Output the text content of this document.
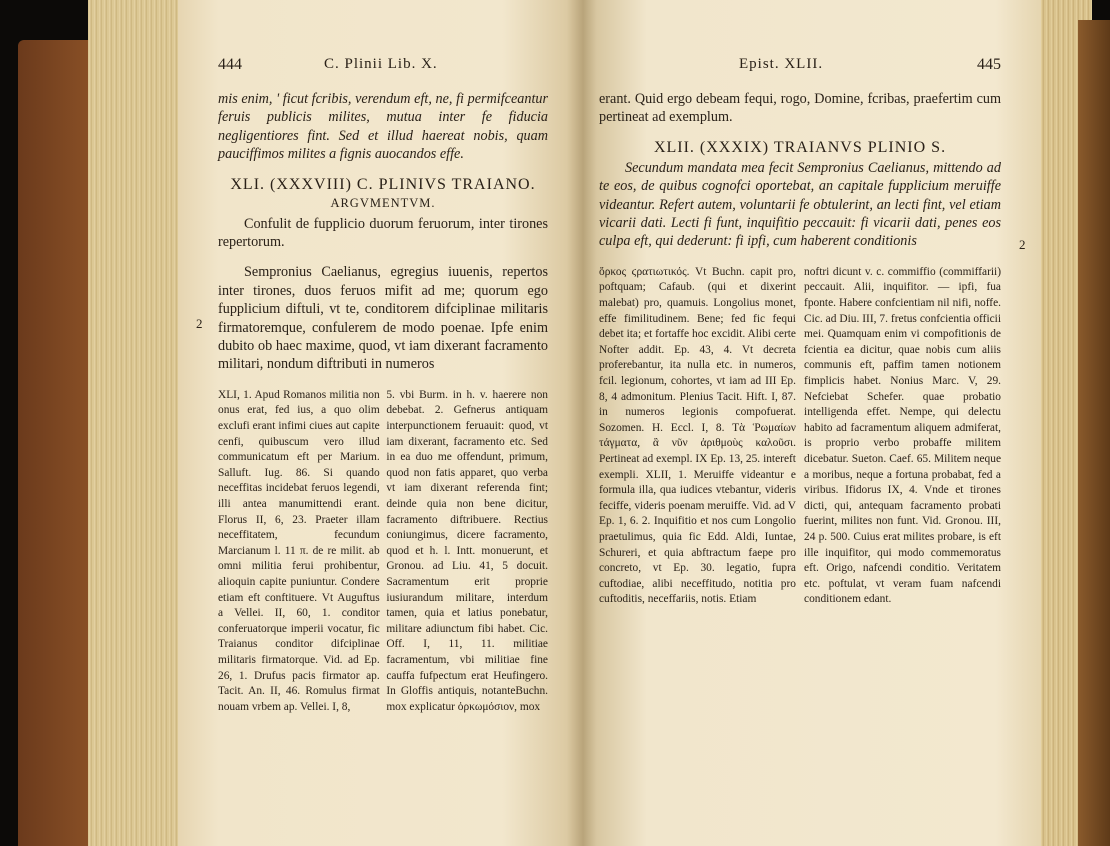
444	C. Plinii Lib. X.

mis enim, ' ficut fcribis, verendum eft, ne, fi permifceantur feruis publicis milites, mutua inter fe fiducia negligentiores fint. Sed et illud haereat nobis, quam pauciffimos milites a fignis auocandos effe.

XLI. (XXXVIII) C. PLINIVS TRAIANO.
ARGVMENTVM.

Confulit de fupplicio duorum feruorum, inter tirones repertorum.

Sempronius Caelianus, egregius iuuenis, repertos inter tirones, duos feruos mifit ad me; quorum ego fupplicium diftuli, vt te, conditorem difciplinae militaris firmatoremque, confulerem de modo poenae. Ipfe enim dubito ob haec maxime, quod, vt iam dixerant facramento militari, nondum diftributi in numeros

2
XLI, 1. Apud Romanos militia non onus erat, fed ius, a quo olim exclufi erant infimi ciues aut capite cenfi, quibuscum vero illud communicatum eft per Marium. Salluft. Iug. 86. Si quando neceffitas incidebat feruos legendi, illi antea manumittendi erant. Florus II, 6, 23. Praeter illam neceffitatem, fecundum Marcianum l. 11 π. de re milit. ab omni militia ferui prohibentur, alioquin capite puniuntur. Condere etiam eft conftituere. Vt Auguftus a Vellei. II, 60, 1. conditor conferuatorque imperii vocatur, fic Traianus conditor difciplinae militaris firmatorque. Vid. ad Ep. 26, 1. Drufus pacis firmator ap. Tacit. An. II, 46. Romulus firmat nouam vrbem ap. Vellei. I, 8,
5. vbi Burm. in h. v. haerere non debebat. 2. Gefnerus antiquam interpunctionem feruauit: quod, vt iam dixerant, facramento etc. Sed in ea duo me offendunt, primum, quod non fatis apparet, quo verba vt iam dixerant referenda fint; deinde quia non bene dicitur, facramento diftribuere. Rectius coniungimus, dicere facramento, quod et h. l. Intt. monuerunt, et Gronou. ad Liu. 41, 5 docuit. Sacramentum erit proprie iusiurandum militare, interdum tamen, quia et latius ponebatur, militare adiunctum fibi habet. Cic. Off. I, 11, 11. militiae facramentum, vbi militiae fine cauffa fufpectum erat Heufingero. In Gloffis antiquis, notanteBuchn. mox explicatur ὀρκωμόσιον, mox
Epist. XLII.	445

erant. Quid ergo debeam fequi, rogo, Domine, fcribas, praefertim cum pertineat ad exemplum.

XLII. (XXXIX) TRAIANVS PLINIO S.

Secundum mandata mea fecit Sempronius Caelianus, mittendo ad te eos, de quibus cognofci oportebat, an capitale fupplicium meruiffe videantur. Refert autem, voluntarii fe obtulerint, an lecti fint, vel etiam vicarii dati. Lecti fi funt, inquifitio peccauit: fi vicarii dati, penes eos culpa eft, qui dederunt: fi ipfi, cum haberent conditionis	2
ὅρκος ϛρατιωτικός. Vt Buchn. capit pro, poftquam; Cafaub. (qui et dixerint malebat) pro, quamuis. Longolius monet, effe fimilitudinem. Bene; fed fic fequi debet ita; et fortaffe hoc excidit. Alibi certe Nofter addit. Ep. 43, 4. Vt decreta proferebantur, ita nulla etc. in numeros, fcil. legionum, cohortes, vt iam ad III Ep. 8, 4 admonitum. Plenius Tacit. Hift. I, 87. in numeros legionis compofuerat. Sozomen. H. Eccl. I, 8. Τὰ Ῥωμαίων τάγματα, ἃ νῦν ἀριθμοὺς καλοῦσι. Pertineat ad exempl. IX Ep. 13, 25. intereft exempli. XLII, 1. Meruiffe videantur e formula illa, qua iudices vtebantur, videris feciffe, videris poenam meruiffe. Vid. ad V Ep. 1, 6. 2. Inquifitio et nos cum Longolio praetulimus, quia fic Edd. Aldi, Iuntae, Schureri, et quia abftractum faepe pro concreto, vt Ep. 30. legatio, fupra cuftodiae, alibi neceffitudo, notitia pro cuftoditis, neceffariis, notis. Etiam
noftri dicunt v. c. commiffio (commiffarii) peccauit. Alii, inquifitor. — ipfi, fua fponte. Habere confcientiam nil nifi, noffe. Cic. ad Diu. III, 7. fretus confcientia officii mei. Quamquam enim vi compofitionis de fcientia ea dicitur, quae nobis cum aliis communis eft, paffim tamen notionem fimplicis habet. Nonius Marc. V, 29. Nefciebat Schefer. quae probatio intelligenda effet. Nempe, qui delectu habito ad facramentum aliquem admiferat, is proprio verbo probaffe militem dicebatur. Sueton. Caef. 65. Militem neque a moribus, neque a fortuna probabat, fed a viribus. Ifidorus IX, 4. Vnde et tirones dicti, qui, antequam facramento probati fuerint, milites non funt. Vid. Gronou. III, 24 p. 500. Cuius erat milites probare, is eft ille inquifitor, qui modo commemoratus eft. Origo, nafcendi conditio. Veritatem etc. poftulat, vt veram fuam nafcendi conditionem edant.
